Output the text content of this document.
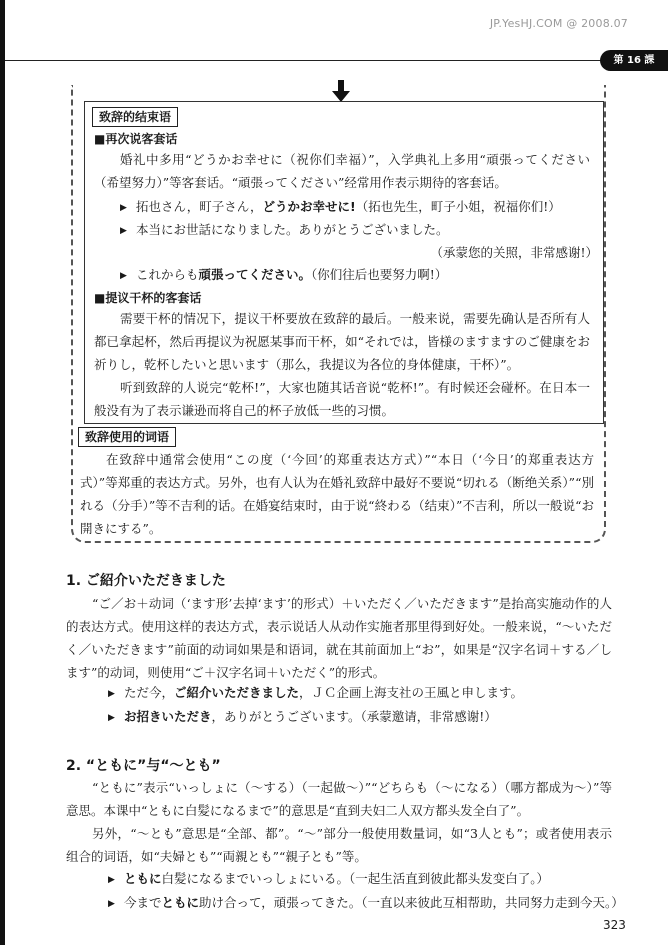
JP.YesHJ.COM @ 2008.07
第 16 課
致辞的结束语
■再次说客套话
婚礼中多用“どうかお幸せに（祝你们幸福）”，入学典礼上多用“頑張ってください（希望努力）”等客套话。“頑張ってください”经常用作表示期待的客套话。
▶ 拓也さん，町子さん，どうかお幸せに!（拓也先生，町子小姐，祝福你们!）
▶ 本当にお世話になりました。ありがとうございました。
（承蒙您的关照，非常感谢!）
▶ これからも頑張ってください。（你们往后也要努力啊!）
■提议干杯的客套话
需要干杯的情况下，提议干杯要放在致辞的最后。一般来说，需要先确认是否所有人都已拿起杯，然后再提议为祝愿某事而干杯，如“それでは，皆様のますますのご健康をお祈りし，乾杯したいと思います（那么，我提议为各位的身体健康，干杯）”。
听到致辞的人说完“乾杯!”，大家也随其话音说“乾杯!”。有时候还会碰杯。在日本一般没有为了表示谦逊而将自己的杯子放低一些的习惯。
致辞使用的词语
在致辞中通常会使用“この度（‘今回’的郑重表达方式）”“本日（‘今日’的郑重表达方式）”等郑重的表达方式。另外，也有人认为在婚礼致辞中最好不要说“切れる（断绝关系）”“別れる（分手）”等不吉利的话。在婚宴结束时，由于说“終わる（结束）”不吉利，所以一般说“お開きにする”。
1. ご紹介いただきました
“ご／お＋动词（‘ます形’去掉‘ます’的形式）＋いただく／いただきます”是抬高实施动作的人的表达方式。使用这样的表达方式，表示说话人从动作实施者那里得到好处。一般来说，“～いただく／いただきます”前面的动词如果是和语词，就在其前面加上“お”，如果是“汉字名词＋する／します”的动词，则使用“ご＋汉字名词＋いただく”的形式。
▶ ただ今，ご紹介いただきました，ＪＣ企画上海支社の王風と申します。
▶ お招きいただき，ありがとうございます。（承蒙邀请，非常感谢!）
2. “ともに”与“～とも”
“ともに”表示“いっしょに（～する）（一起做～）”“どちらも（～になる）（哪方都成为～）”等意思。本课中“ともに白髪になるまで”的意思是“直到夫妇二人双方都头发全白了”。
另外，“～とも”意思是“全部、都”。“～”部分一般使用数量词，如“3人とも”；或者使用表示组合的词语，如“夫婦とも”“両親とも”“親子とも”等。
▶ ともに白髪になるまでいっしょにいる。（一起生活直到彼此都头发变白了。）
▶ 今までともに助け合って，頑張ってきた。（一直以来彼此互相帮助，共同努力走到今天。）
323
